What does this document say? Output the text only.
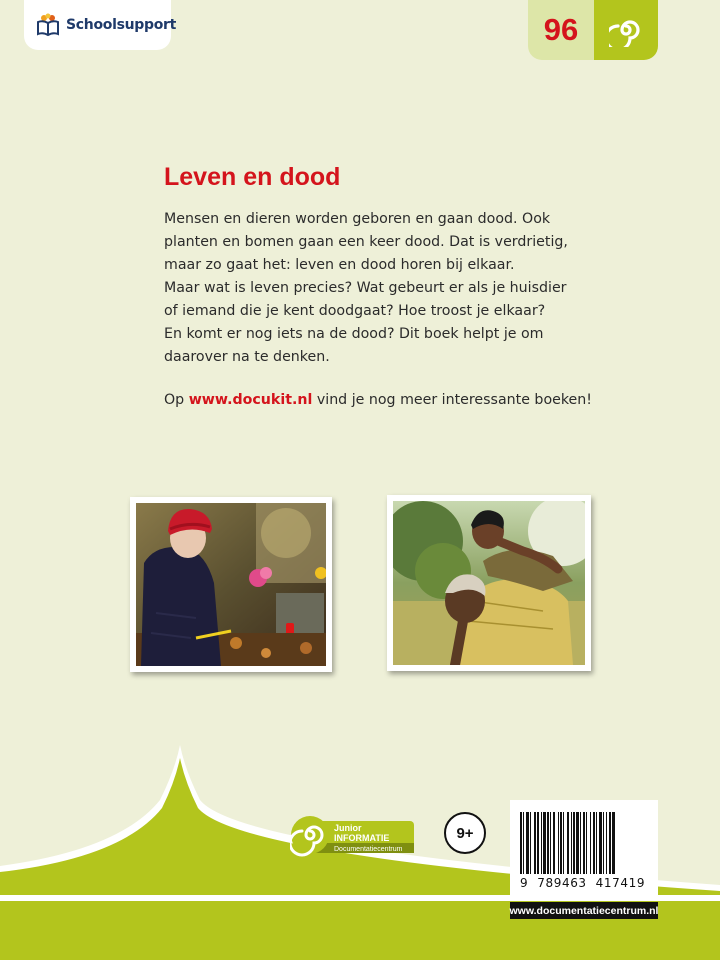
Schoolsupport	96
Leven en dood

Mensen en dieren worden geboren en gaan dood. Ook
planten en bomen gaan een keer dood. Dat is verdrietig,
maar zo gaat het: leven en dood horen bij elkaar.
Maar wat is leven precies? Wat gebeurt er als je huisdier
of iemand die je kent doodgaat? Hoe troost je elkaar?
En komt er nog iets na de dood? Dit boek helpt je om
daarover na te denken.

Op www.docukit.nl vind je nog meer interessante boeken!

Junior
INFORMATIE
Documentatiecentrum
9+
9 789463 417419
www.documentatiecentrum.nl
